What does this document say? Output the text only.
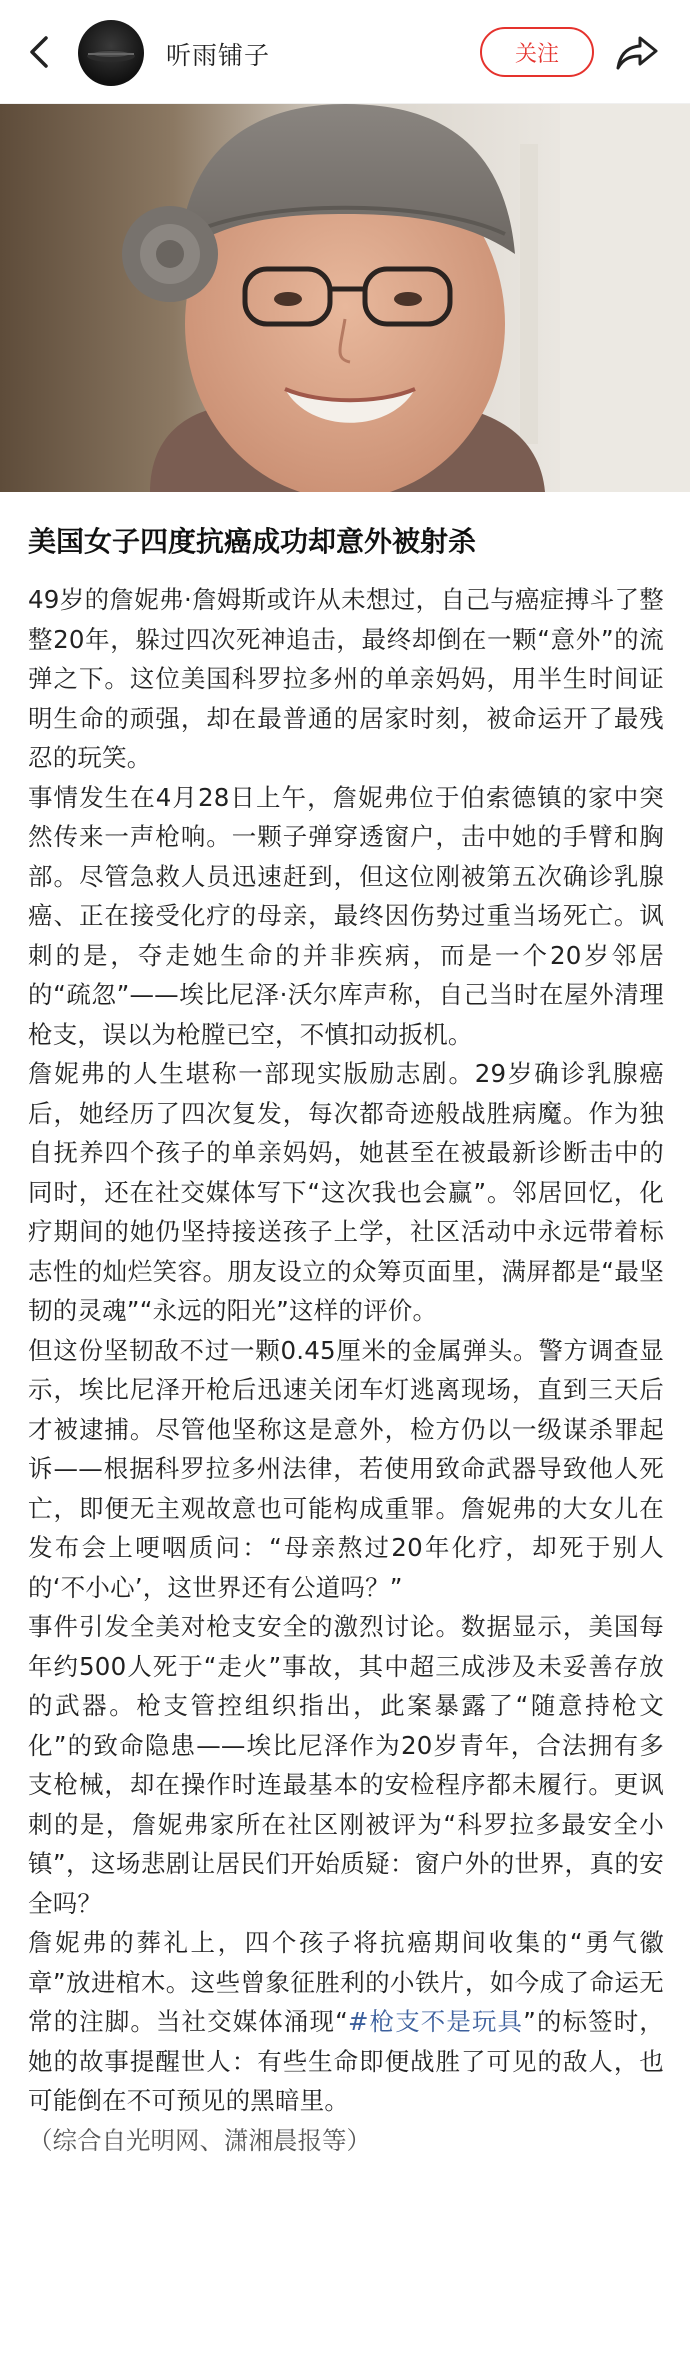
听雨铺子	关注
美国女子四度抗癌成功却意外被射杀

49岁的詹妮弗·詹姆斯或许从未想过，自己与癌症搏斗了整整20年，躲过四次死神追击，最终却倒在一颗“意外”的流弹之下。这位美国科罗拉多州的单亲妈妈，用半生时间证明生命的顽强，却在最普通的居家时刻，被命运开了最残忍的玩笑。

事情发生在4月28日上午，詹妮弗位于伯索德镇的家中突然传来一声枪响。一颗子弹穿透窗户，击中她的手臂和胸部。尽管急救人员迅速赶到，但这位刚被第五次确诊乳腺癌、正在接受化疗的母亲，最终因伤势过重当场死亡。讽刺的是，夺走她生命的并非疾病，而是一个20岁邻居的“疏忽”——埃比尼泽·沃尔库声称，自己当时在屋外清理枪支，误以为枪膛已空，不慎扣动扳机。

詹妮弗的人生堪称一部现实版励志剧。29岁确诊乳腺癌后，她经历了四次复发，每次都奇迹般战胜病魔。作为独自抚养四个孩子的单亲妈妈，她甚至在被最新诊断击中的同时，还在社交媒体写下“这次我也会赢”。邻居回忆，化疗期间的她仍坚持接送孩子上学，社区活动中永远带着标志性的灿烂笑容。朋友设立的众筹页面里，满屏都是“最坚韧的灵魂”“永远的阳光”这样的评价。

但这份坚韧敌不过一颗0.45厘米的金属弹头。警方调查显示，埃比尼泽开枪后迅速关闭车灯逃离现场，直到三天后才被逮捕。尽管他坚称这是意外，检方仍以一级谋杀罪起诉——根据科罗拉多州法律，若使用致命武器导致他人死亡，即便无主观故意也可能构成重罪。詹妮弗的大女儿在发布会上哽咽质问：“母亲熬过20年化疗，却死于别人的‘不小心’，这世界还有公道吗？”

事件引发全美对枪支安全的激烈讨论。数据显示，美国每年约500人死于“走火”事故，其中超三成涉及未妥善存放的武器。枪支管控组织指出，此案暴露了“随意持枪文化”的致命隐患——埃比尼泽作为20岁青年，合法拥有多支枪械，却在操作时连最基本的安检程序都未履行。更讽刺的是，詹妮弗家所在社区刚被评为“科罗拉多最安全小镇”，这场悲剧让居民们开始质疑：窗户外的世界，真的安全吗？

詹妮弗的葬礼上，四个孩子将抗癌期间收集的“勇气徽章”放进棺木。这些曾象征胜利的小铁片，如今成了命运无常的注脚。当社交媒体涌现“#枪支不是玩具”的标签时，她的故事提醒世人：有些生命即便战胜了可见的敌人，也可能倒在不可预见的黑暗里。

（综合自光明网、潇湘晨报等）
